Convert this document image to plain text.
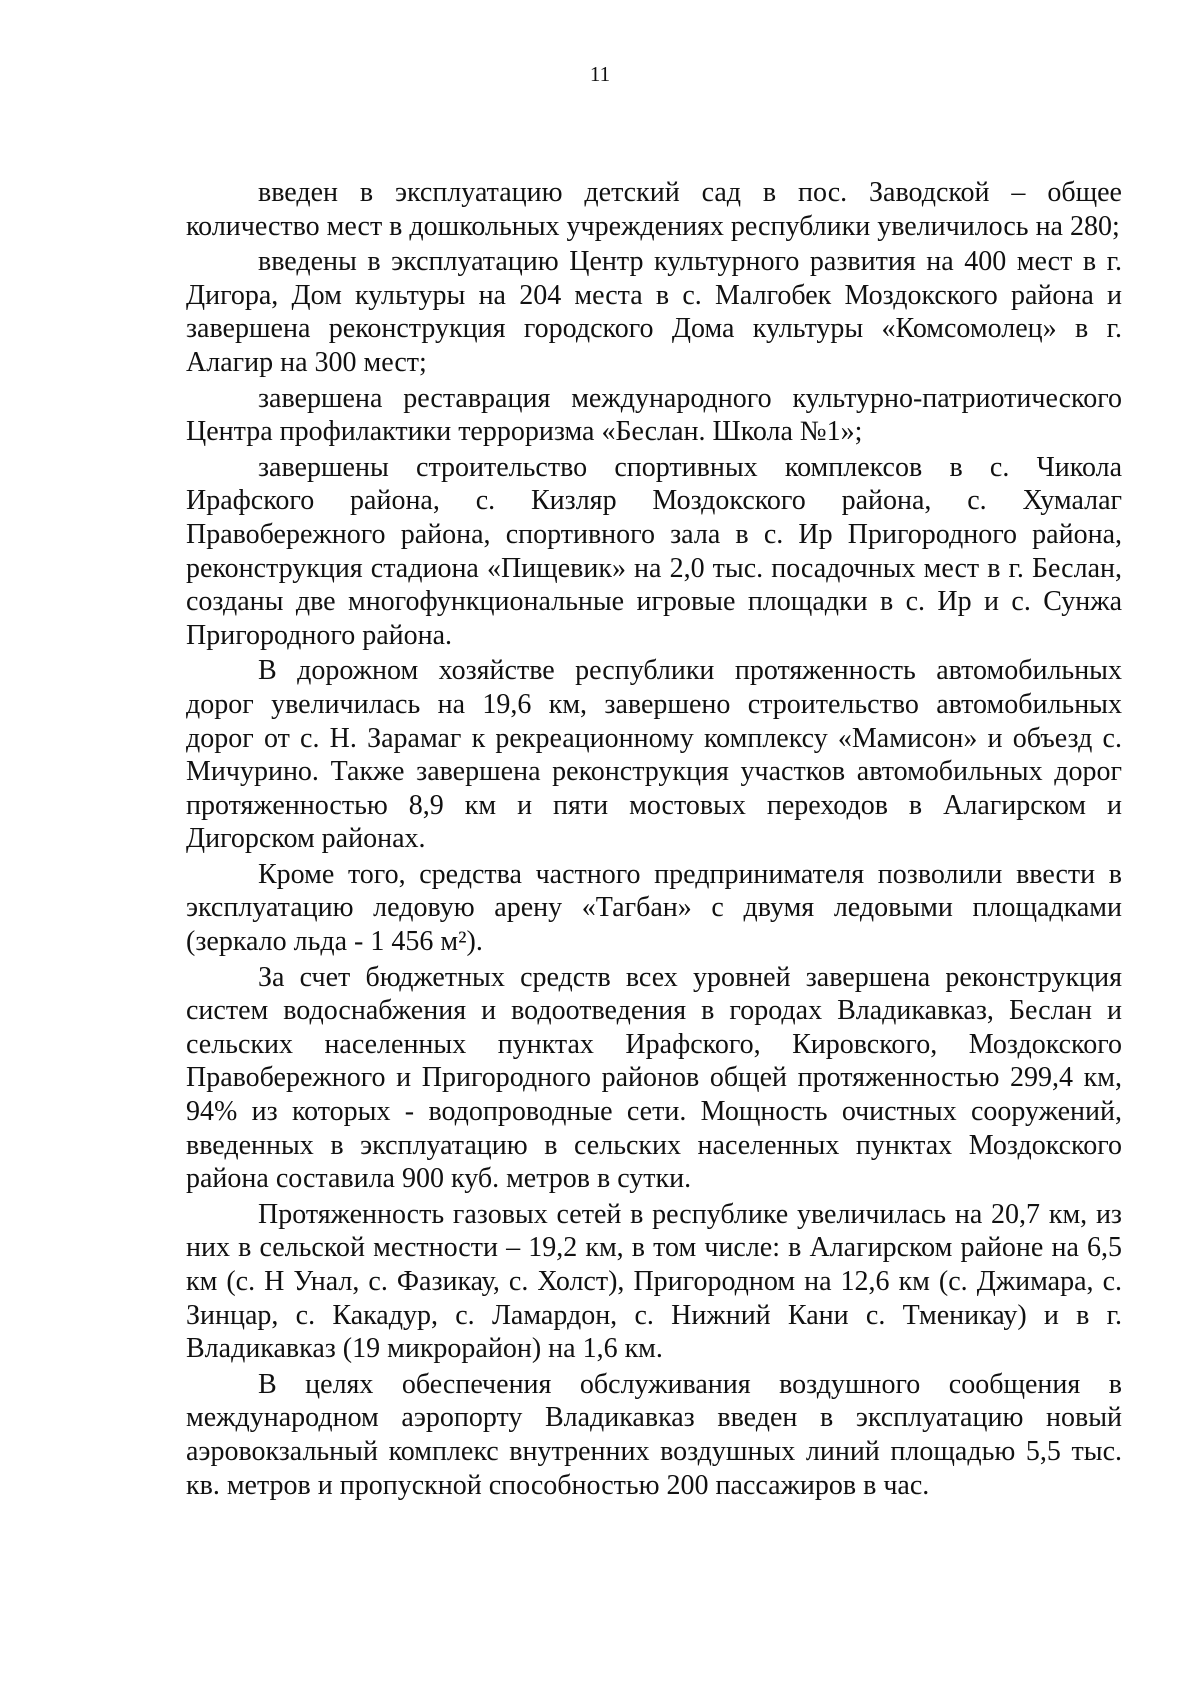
11

введен в эксплуатацию детский сад в пос. Заводской – общее количество мест в дошкольных учреждениях республики увеличилось на 280;

введены в эксплуатацию Центр культурного развития на 400 мест в г. Дигора, Дом культуры на 204 места в с. Малгобек Моздокского района и завершена реконструкция городского Дома культуры «Комсомолец» в г. Алагир на 300 мест;

завершена реставрация международного культурно-патриотического Центра профилактики терроризма «Беслан. Школа №1»;

завершены строительство спортивных комплексов в с. Чикола Ирафского района, с. Кизляр Моздокского района, с. Хумалаг Правобережного района, спортивного зала в с. Ир Пригородного района, реконструкция стадиона «Пищевик» на 2,0 тыс. посадочных мест в г. Беслан, созданы две многофункциональные игровые площадки в с. Ир и с. Сунжа Пригородного района.

В дорожном хозяйстве республики протяженность автомобильных дорог увеличилась на 19,6 км, завершено строительство автомобильных дорог от с. Н. Зарамаг к рекреационному комплексу «Мамисон» и объезд с. Мичурино. Также завершена реконструкция участков автомобильных дорог протяженностью 8,9 км и пяти мостовых переходов в Алагирском и Дигорском районах.

Кроме того, средства частного предпринимателя позволили ввести в эксплуатацию ледовую арену «Тагбан» с двумя ледовыми площадками (зеркало льда - 1 456 м²).

За счет бюджетных средств всех уровней завершена реконструкция систем водоснабжения и водоотведения в городах Владикавказ, Беслан и сельских населенных пунктах Ирафского, Кировского, Моздокского Правобережного и Пригородного районов общей протяженностью 299,4 км, 94% из которых - водопроводные сети. Мощность очистных сооружений, введенных в эксплуатацию в сельских населенных пунктах Моздокского района составила 900 куб. метров в сутки.

Протяженность газовых сетей в республике увеличилась на 20,7 км, из них в сельской местности – 19,2 км, в том числе: в Алагирском районе на 6,5 км (с. Н Унал, с. Фазикау, с. Холст), Пригородном на 12,6 км (с. Джимара, с. Зинцар, с. Какадур, с. Ламардон, с. Нижний Кани с. Тменикау) и в г. Владикавказ (19 микрорайон) на 1,6 км.

В целях обеспечения обслуживания воздушного сообщения в международном аэропорту Владикавказ введен в эксплуатацию новый аэровокзальный комплекс внутренних воздушных линий площадью 5,5 тыс. кв. метров и пропускной способностью 200 пассажиров в час.
